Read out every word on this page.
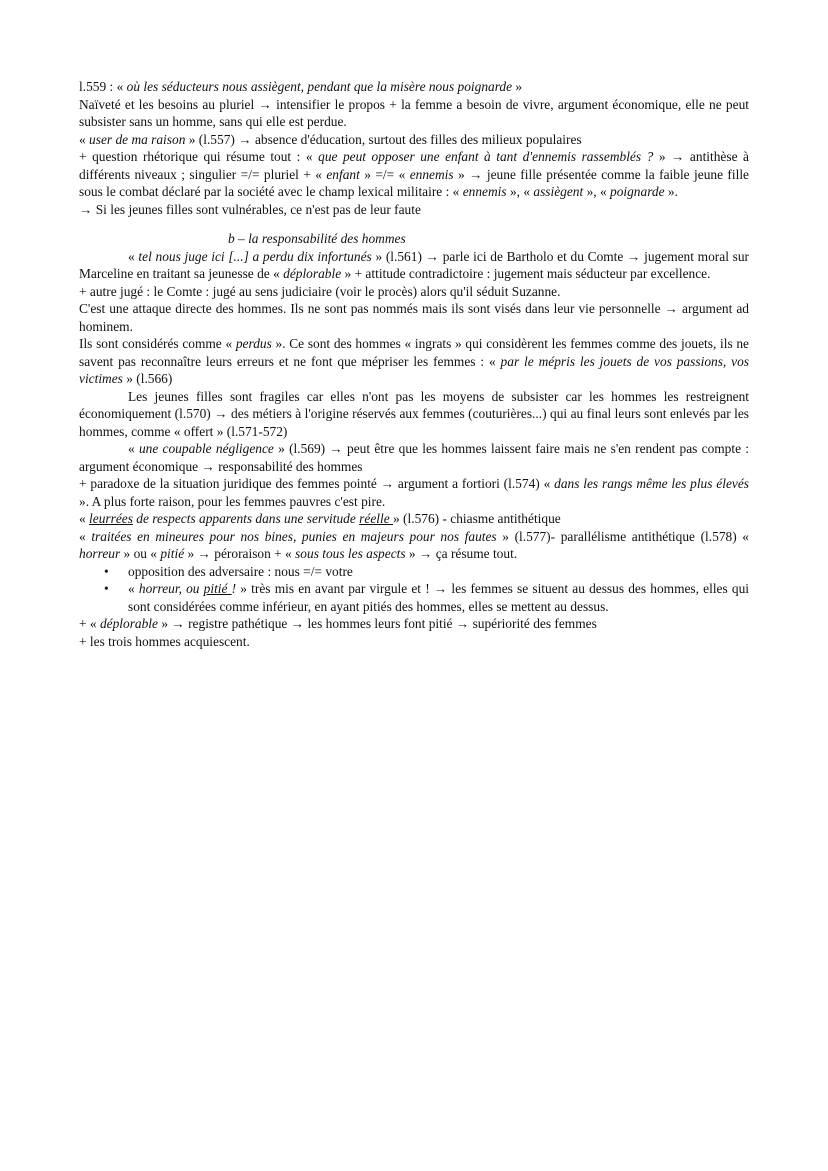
l.559 : « où les séducteurs nous assiègent, pendant que la misère nous poignarde »

Naïveté et les besoins au pluriel → intensifier le propos + la femme a besoin de vivre, argument économique, elle ne peut subsister sans un homme, sans qui elle est perdue.

« user de ma raison » (l.557) → absence d'éducation, surtout des filles des milieux populaires

+ question rhétorique qui résume tout : « que peut opposer une enfant à tant d'ennemis rassemblés ? » → antithèse à différents niveaux ; singulier =/= pluriel + « enfant » =/= « ennemis » → jeune fille présentée comme la faible jeune fille sous le combat déclaré par la société avec le champ lexical militaire : « ennemis », « assiègent », « poignarde ».

→ Si les jeunes filles sont vulnérables, ce n'est pas de leur faute

b – la responsabilité des hommes

« tel nous juge ici [...] a perdu dix infortunés » (l.561) → parle ici de Bartholo et du Comte → jugement moral sur Marceline en traitant sa jeunesse de « déplorable » + attitude contradictoire : jugement mais séducteur par excellence.

+ autre jugé : le Comte : jugé au sens judiciaire (voir le procès) alors qu'il séduit Suzanne.

C'est une attaque directe des hommes. Ils ne sont pas nommés mais ils sont visés dans leur vie personnelle → argument ad hominem.

Ils sont considérés comme « perdus ». Ce sont des hommes « ingrats » qui considèrent les femmes comme des jouets, ils ne savent pas reconnaître leurs erreurs et ne font que mépriser les femmes : « par le mépris les jouets de vos passions, vos victimes » (l.566)

Les jeunes filles sont fragiles car elles n'ont pas les moyens de subsister car les hommes les restreignent économiquement (l.570) → des métiers à l'origine réservés aux femmes (couturières...) qui au final leurs sont enlevés par les hommes, comme « offert » (l.571-572)

« une coupable négligence » (l.569) → peut être que les hommes laissent faire mais ne s'en rendent pas compte : argument économique → responsabilité des hommes

+ paradoxe de la situation juridique des femmes pointé → argument a fortiori (l.574) « dans les rangs même les plus élevés ». A plus forte raison, pour les femmes pauvres c'est pire.

« leurrées de respects apparents dans une servitude réelle » (l.576) - chiasme antithétique

« traitées en mineures pour nos bines, punies en majeurs pour nos fautes » (l.577)- parallélisme antithétique (l.578) « horreur » ou « pitié » → péroraison + « sous tous les aspects » → ça résume tout.

• opposition des adversaire : nous =/= votre
• « horreur, ou pitié ! » très mis en avant par virgule et ! → les femmes se situent au dessus des hommes, elles qui sont considérées comme inférieur, en ayant pitiés des hommes, elles se mettent au dessus.

+ « déplorable » → registre pathétique → les hommes leurs font pitié → supériorité des femmes

+ les trois hommes acquiescent.
